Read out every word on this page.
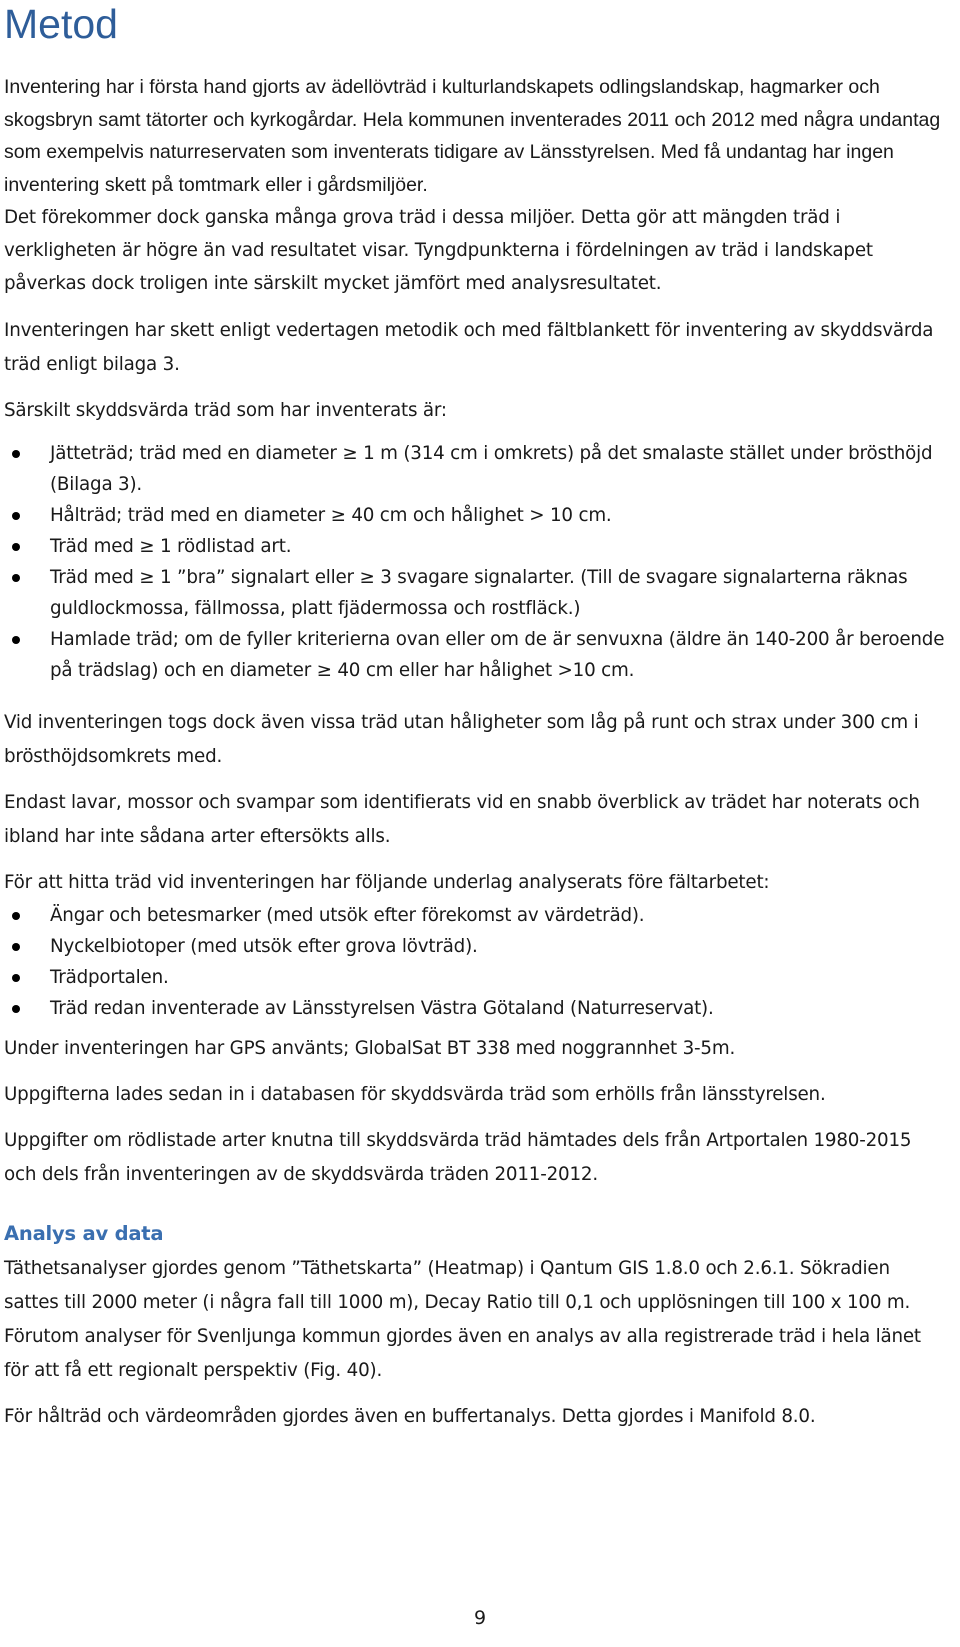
Metod

Inventering har i första hand gjorts av ädellövträd i kulturlandskapets odlingslandskap, hagmarker och skogsbryn samt tätorter och kyrkogårdar. Hela kommunen inventerades 2011 och 2012 med några undantag som exempelvis naturreservaten som inventerats tidigare av Länsstyrelsen. Med få undantag har ingen inventering skett på tomtmark eller i gårdsmiljöer.

Det förekommer dock ganska många grova träd i dessa miljöer. Detta gör att mängden träd i verkligheten är högre än vad resultatet visar. Tyngdpunkterna i fördelningen av träd i landskapet påverkas dock troligen inte särskilt mycket jämfört med analysresultatet.

Inventeringen har skett enligt vedertagen metodik och med fältblankett för inventering av skyddsvärda träd enligt bilaga 3.

Särskilt skyddsvärda träd som har inventerats är:

Jätteträd; träd med en diameter ≥ 1 m (314 cm i omkrets) på det smalaste stället under brösthöjd (Bilaga 3).
Hålträd; träd med en diameter ≥ 40 cm och hålighet > 10 cm.
Träd med ≥ 1 rödlistad art.
Träd med ≥ 1 ”bra” signalart eller ≥ 3 svagare signalarter. (Till de svagare signalarterna räknas guldlockmossa, fällmossa, platt fjädermossa och rostfläck.)
Hamlade träd; om de fyller kriterierna ovan eller om de är senvuxna (äldre än 140-200 år beroende på trädslag) och en diameter ≥ 40 cm eller har hålighet >10 cm.

Vid inventeringen togs dock även vissa träd utan håligheter som låg på runt och strax under 300 cm i brösthöjdsomkrets med.

Endast lavar, mossor och svampar som identifierats vid en snabb överblick av trädet har noterats och ibland har inte sådana arter eftersökts alls.

För att hitta träd vid inventeringen har följande underlag analyserats före fältarbetet:

Ängar och betesmarker (med utsök efter förekomst av värdeträd).
Nyckelbiotoper (med utsök efter grova lövträd).
Trädportalen.
Träd redan inventerade av Länsstyrelsen Västra Götaland (Naturreservat).

Under inventeringen har GPS använts; GlobalSat BT 338 med noggrannhet 3-5m.

Uppgifterna lades sedan in i databasen för skyddsvärda träd som erhölls från länsstyrelsen.

Uppgifter om rödlistade arter knutna till skyddsvärda träd hämtades dels från Artportalen 1980-2015 och dels från inventeringen av de skyddsvärda träden 2011-2012.

Analys av data

Täthetsanalyser gjordes genom ”Täthetskarta” (Heatmap) i Qantum GIS 1.8.0 och 2.6.1. Sökradien sattes till 2000 meter (i några fall till 1000 m), Decay Ratio till 0,1 och upplösningen till 100 x 100 m. Förutom analyser för Svenljunga kommun gjordes även en analys av alla registrerade träd i hela länet för att få ett regionalt perspektiv (Fig. 40).

För hålträd och värdeområden gjordes även en buffertanalys. Detta gjordes i Manifold 8.0.

9
